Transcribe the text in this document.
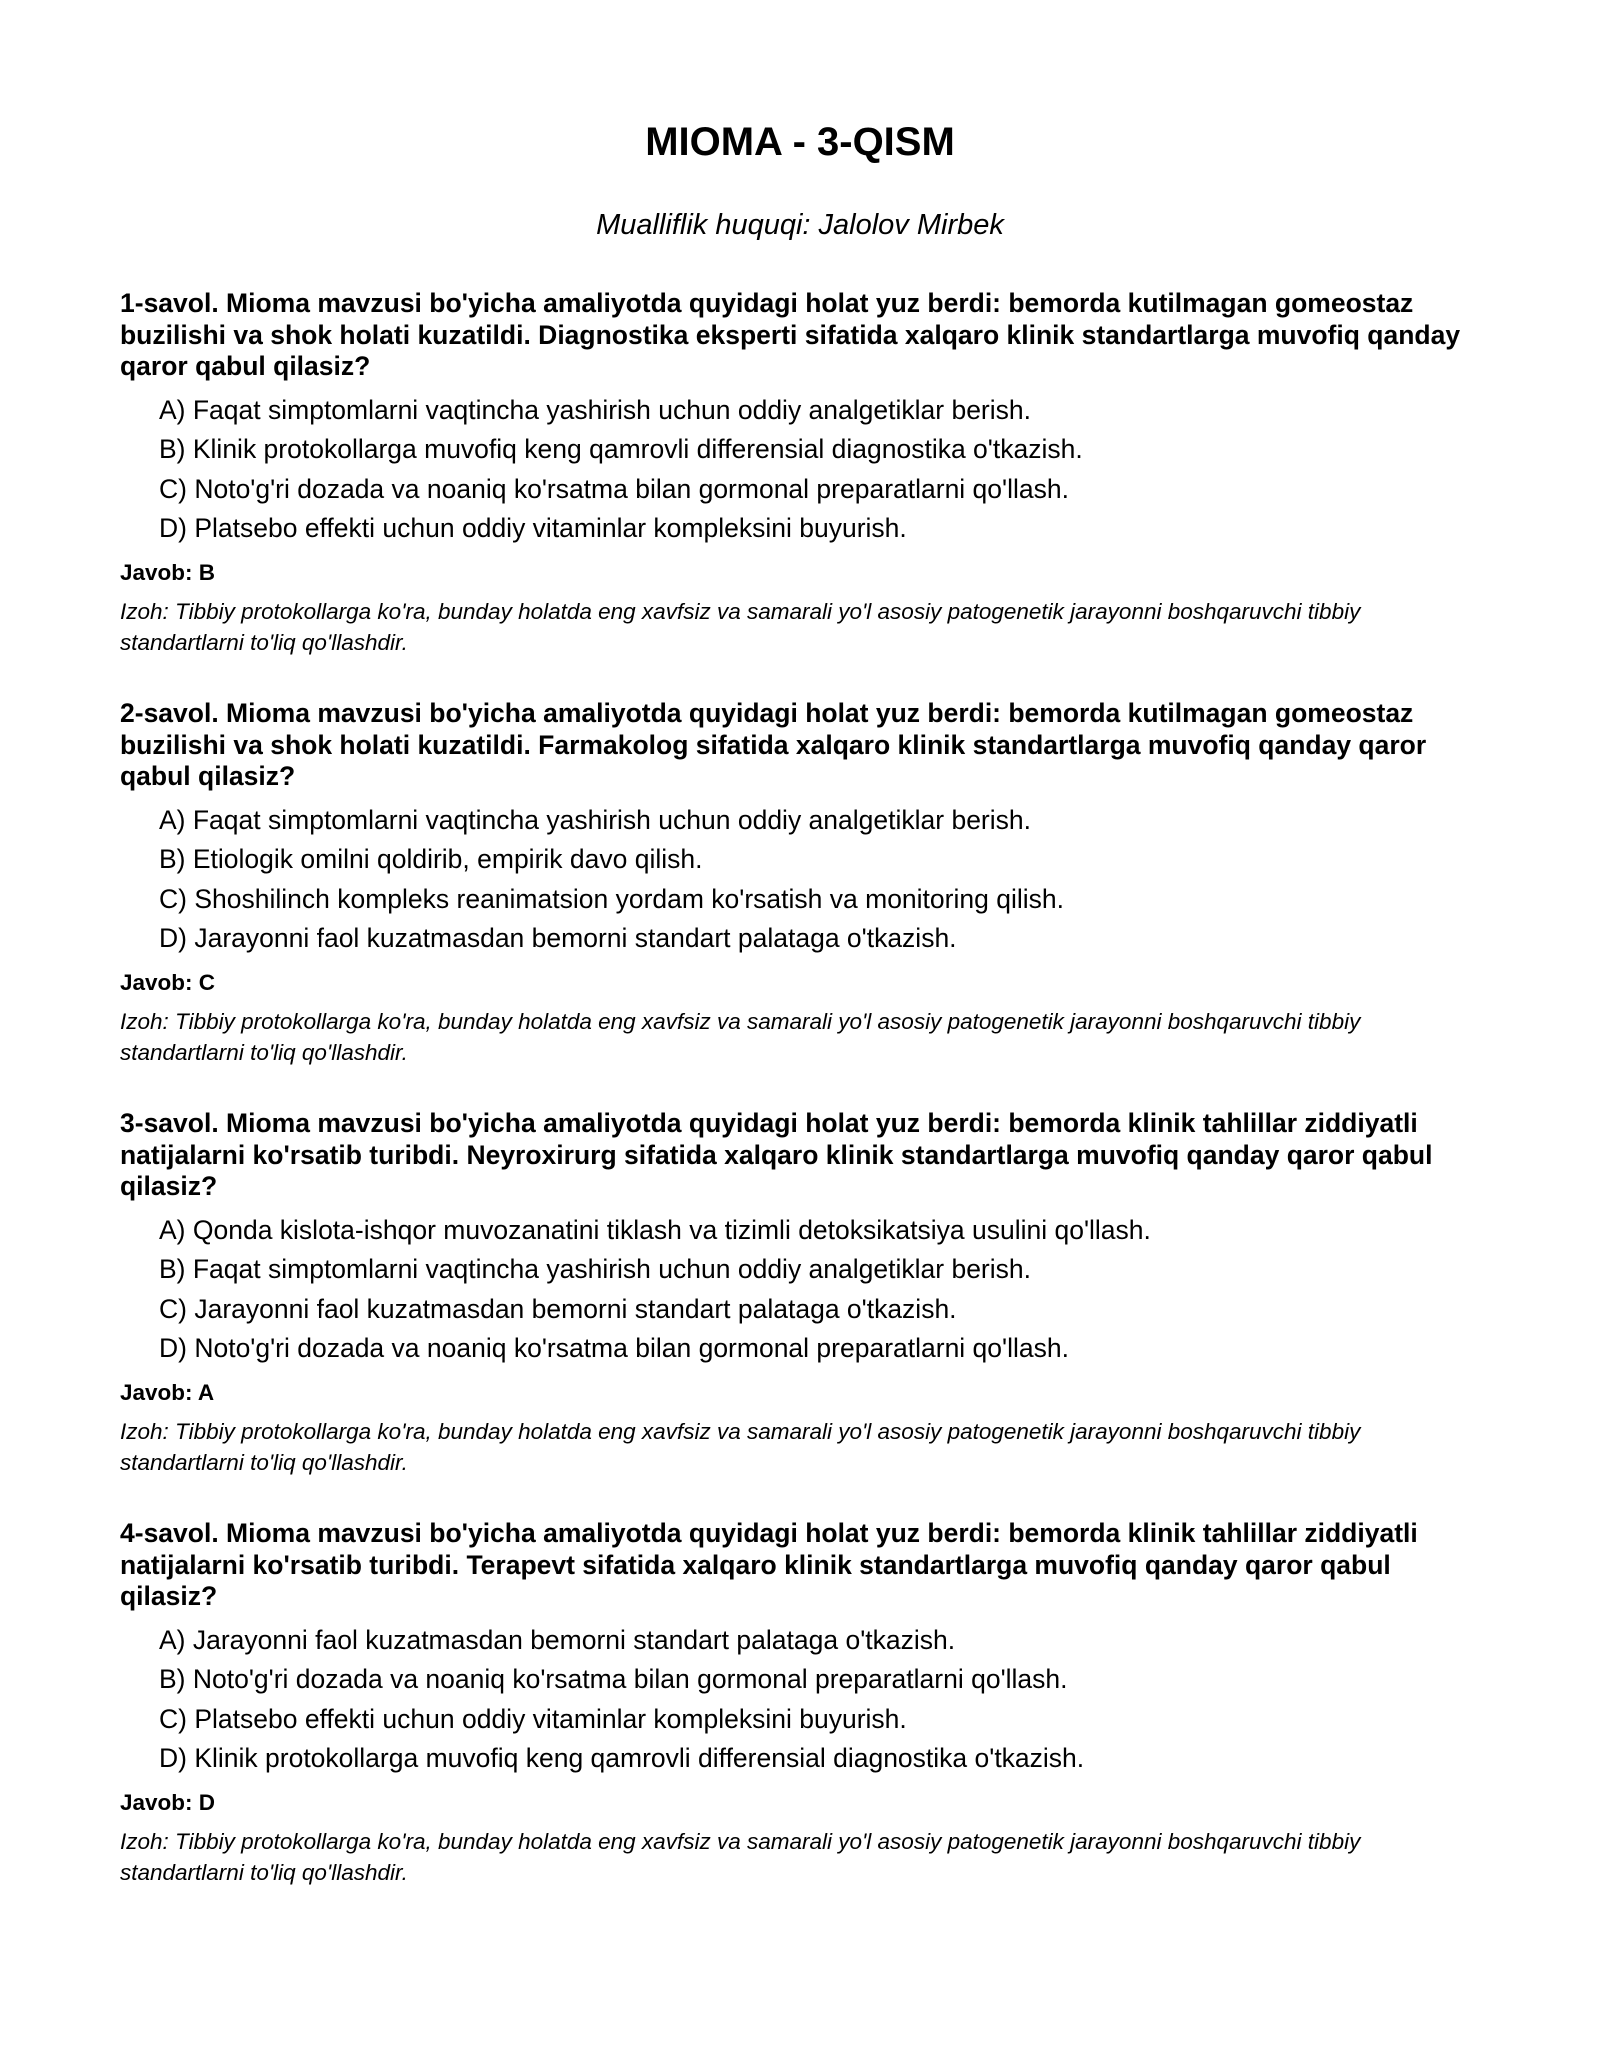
MIOMA - 3-QISM

Mualliflik huquqi: Jalolov Mirbek

1-savol. Mioma mavzusi bo'yicha amaliyotda quyidagi holat yuz berdi: bemorda kutilmagan gomeostaz buzilishi va shok holati kuzatildi. Diagnostika eksperti sifatida xalqaro klinik standartlarga muvofiq qanday qaror qabul qilasiz?

A) Faqat simptomlarni vaqtincha yashirish uchun oddiy analgetiklar berish.
B) Klinik protokollarga muvofiq keng qamrovli differensial diagnostika o'tkazish.
C) Noto'g'ri dozada va noaniq ko'rsatma bilan gormonal preparatlarni qo'llash.
D) Platsebo effekti uchun oddiy vitaminlar kompleksini buyurish.

Javob: B

Izoh: Tibbiy protokollarga ko'ra, bunday holatda eng xavfsiz va samarali yo'l asosiy patogenetik jarayonni boshqaruvchi tibbiy standartlarni to'liq qo'llashdir.

2-savol. Mioma mavzusi bo'yicha amaliyotda quyidagi holat yuz berdi: bemorda kutilmagan gomeostaz buzilishi va shok holati kuzatildi. Farmakolog sifatida xalqaro klinik standartlarga muvofiq qanday qaror qabul qilasiz?

A) Faqat simptomlarni vaqtincha yashirish uchun oddiy analgetiklar berish.
B) Etiologik omilni qoldirib, empirik davo qilish.
C) Shoshilinch kompleks reanimatsion yordam ko'rsatish va monitoring qilish.
D) Jarayonni faol kuzatmasdan bemorni standart palataga o'tkazish.

Javob: C

Izoh: Tibbiy protokollarga ko'ra, bunday holatda eng xavfsiz va samarali yo'l asosiy patogenetik jarayonni boshqaruvchi tibbiy standartlarni to'liq qo'llashdir.

3-savol. Mioma mavzusi bo'yicha amaliyotda quyidagi holat yuz berdi: bemorda klinik tahlillar ziddiyatli natijalarni ko'rsatib turibdi. Neyroxirurg sifatida xalqaro klinik standartlarga muvofiq qanday qaror qabul qilasiz?

A) Qonda kislota-ishqor muvozanatini tiklash va tizimli detoksikatsiya usulini qo'llash.
B) Faqat simptomlarni vaqtincha yashirish uchun oddiy analgetiklar berish.
C) Jarayonni faol kuzatmasdan bemorni standart palataga o'tkazish.
D) Noto'g'ri dozada va noaniq ko'rsatma bilan gormonal preparatlarni qo'llash.

Javob: A

Izoh: Tibbiy protokollarga ko'ra, bunday holatda eng xavfsiz va samarali yo'l asosiy patogenetik jarayonni boshqaruvchi tibbiy standartlarni to'liq qo'llashdir.

4-savol. Mioma mavzusi bo'yicha amaliyotda quyidagi holat yuz berdi: bemorda klinik tahlillar ziddiyatli natijalarni ko'rsatib turibdi. Terapevt sifatida xalqaro klinik standartlarga muvofiq qanday qaror qabul qilasiz?

A) Jarayonni faol kuzatmasdan bemorni standart palataga o'tkazish.
B) Noto'g'ri dozada va noaniq ko'rsatma bilan gormonal preparatlarni qo'llash.
C) Platsebo effekti uchun oddiy vitaminlar kompleksini buyurish.
D) Klinik protokollarga muvofiq keng qamrovli differensial diagnostika o'tkazish.

Javob: D

Izoh: Tibbiy protokollarga ko'ra, bunday holatda eng xavfsiz va samarali yo'l asosiy patogenetik jarayonni boshqaruvchi tibbiy standartlarni to'liq qo'llashdir.
